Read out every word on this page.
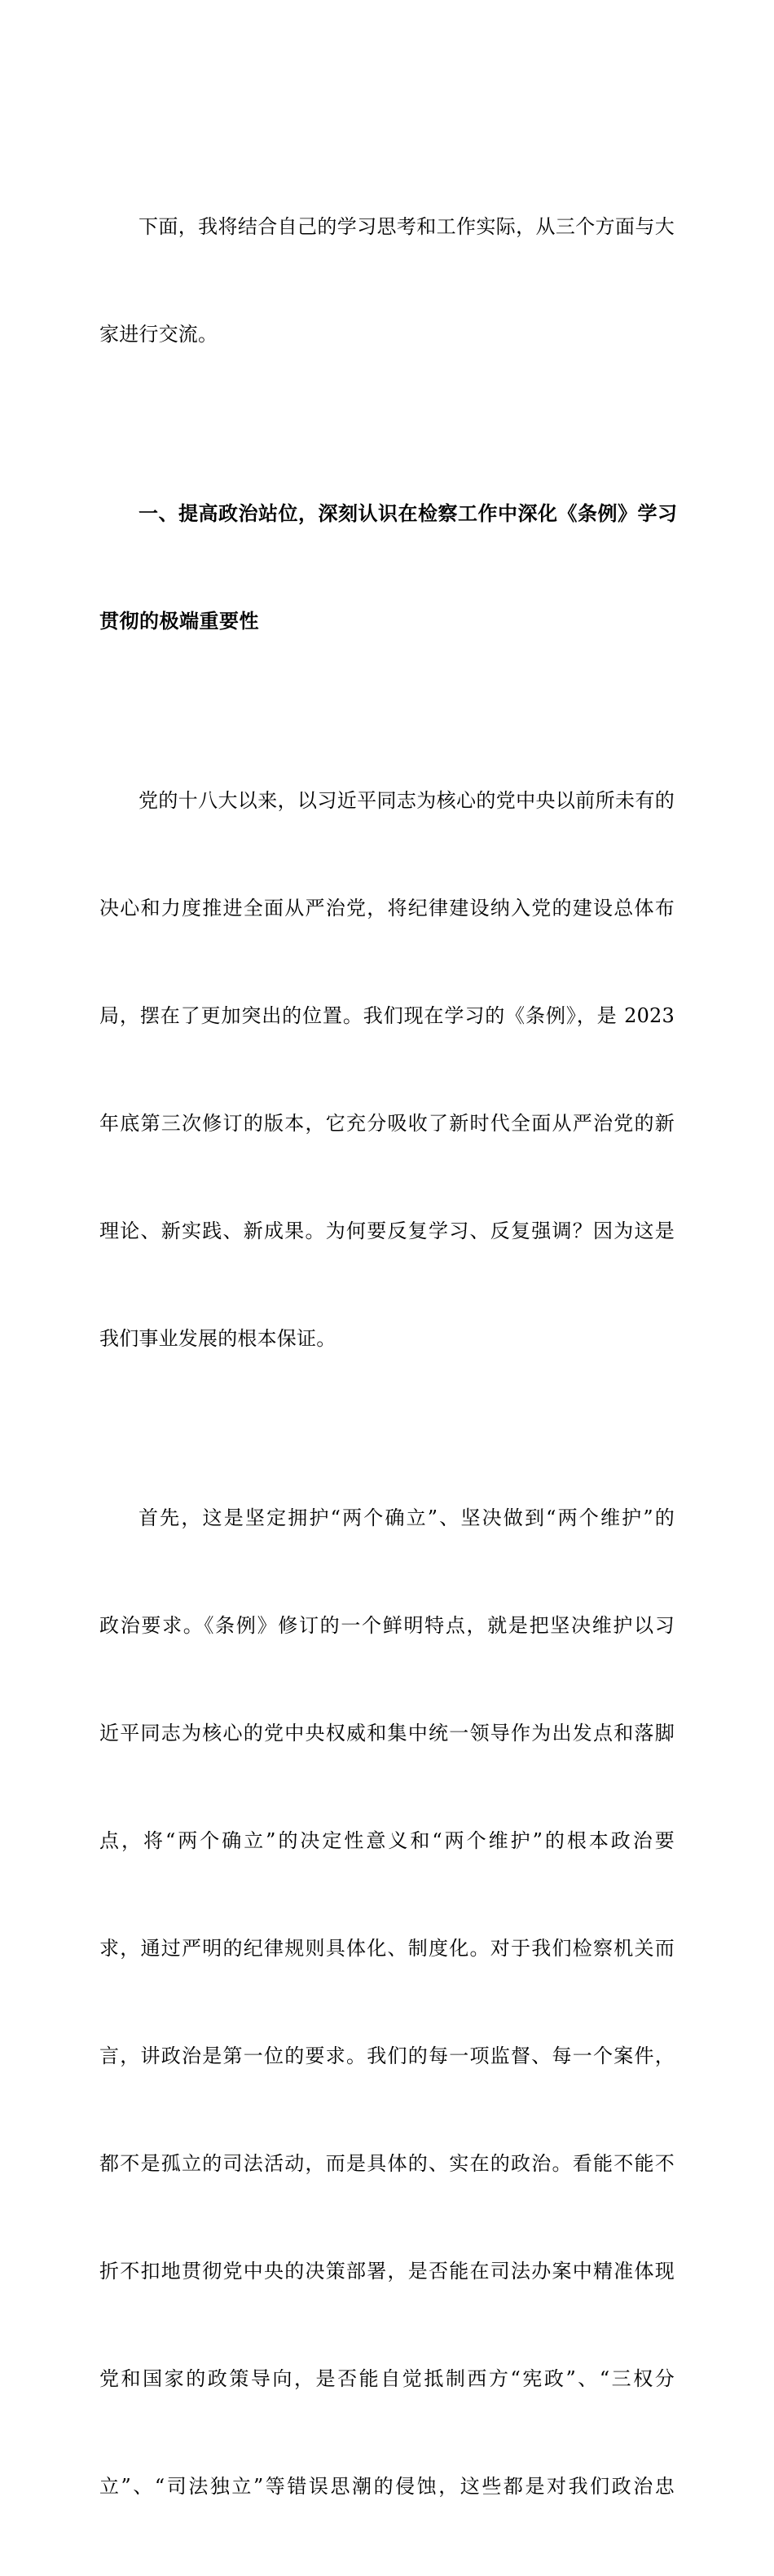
下面，我将结合自己的学习思考和工作实际，从三个方面与大

家进行交流。

一、提高政治站位，深刻认识在检察工作中深化《条例》学习

贯彻的极端重要性

党的十八大以来，以习近平同志为核心的党中央以前所未有的

决心和力度推进全面从严治党，将纪律建设纳入党的建设总体布

局，摆在了更加突出的位置。我们现在学习的《条例》，是 2023

年底第三次修订的版本，它充分吸收了新时代全面从严治党的新

理论、新实践、新成果。为何要反复学习、反复强调？因为这是

我们事业发展的根本保证。

首先，这是坚定拥护“两个确立”、坚决做到“两个维护”的

政治要求。《条例》修订的一个鲜明特点，就是把坚决维护以习

近平同志为核心的党中央权威和集中统一领导作为出发点和落脚

点，将“两个确立”的决定性意义和“两个维护”的根本政治要

求，通过严明的纪律规则具体化、制度化。对于我们检察机关而

言，讲政治是第一位的要求。我们的每一项监督、每一个案件，

都不是孤立的司法活动，而是具体的、实在的政治。看能不能不

折不扣地贯彻党中央的决策部署，是否能在司法办案中精准体现

党和国家的政策导向，是否能自觉抵制西方“宪政”、“三权分

立”、“司法独立”等错误思潮的侵蚀，这些都是对我们政治忠
